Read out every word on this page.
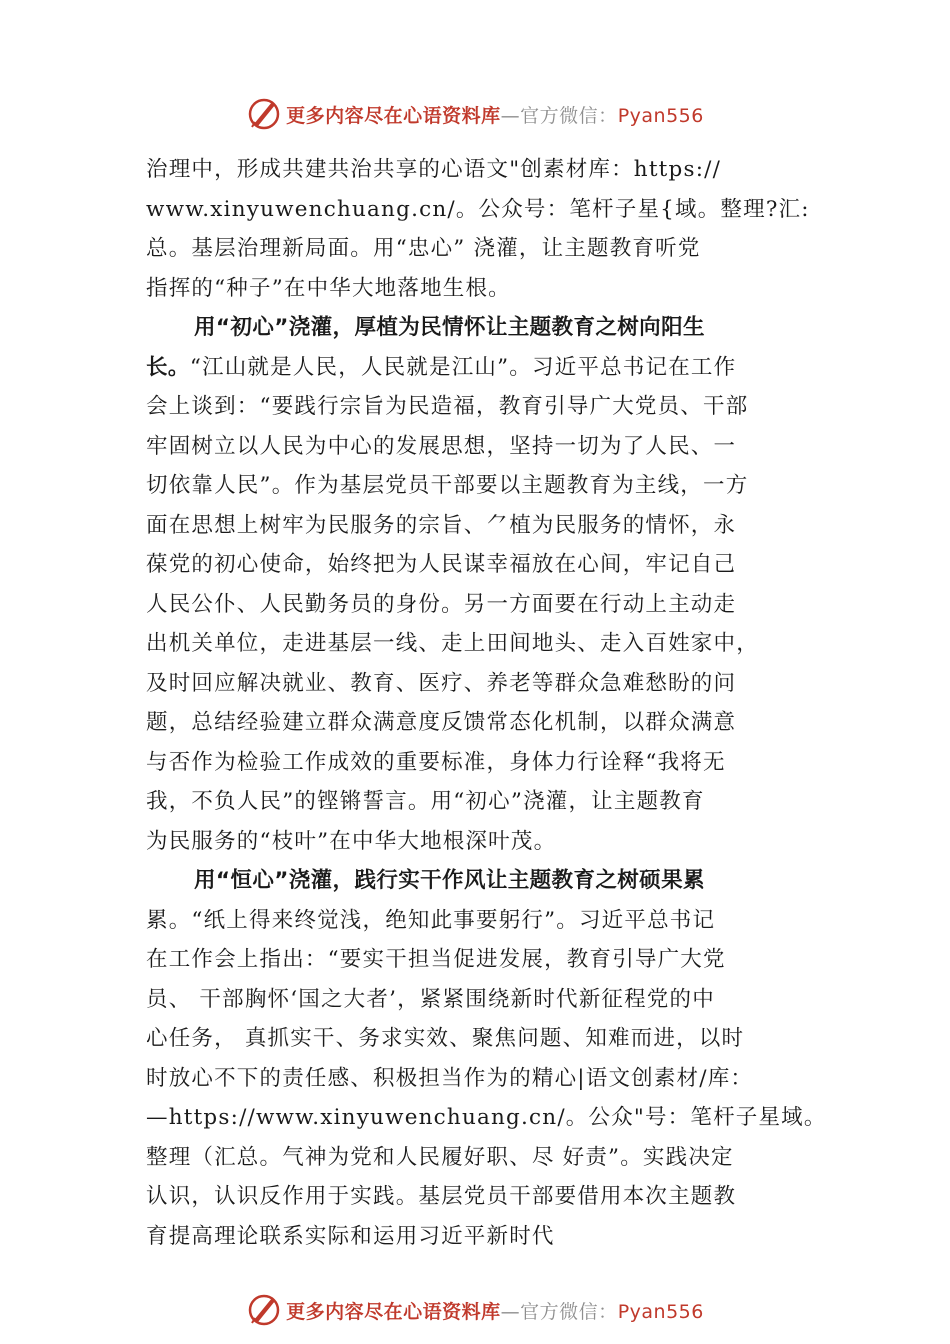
更多内容尽在心语资料库—官方微信：Pyan556
治理中，形成共建共治共享的心语文"创素材库：https://
www.xinyuwenchuang.cn/。公众号：笔杆子星{域。整理?汇:
总。基层治理新局面。用“忠心” 浇灌，让主题教育听党
指挥的“种子”在中华大地落地生根。
用“初心”浇灌，厚植为民情怀让主题教育之树向阳生
长。“江山就是人民，人民就是江山”。习近平总书记在工作
会上谈到：“要践行宗旨为民造福，教育引导广大党员、干部
牢固树立以人民为中心的发展思想，坚持一切为了人民、一
切依靠人民”。作为基层党员干部要以主题教育为主线，一方
面在思想上树牢为民服务的宗旨、⺈植为民服务的情怀，永
葆党的初心使命，始终把为人民谋幸福放在心间，牢记自己
人民公仆、人民勤务员的身份。另一方面要在行动上主动走
出机关单位，走进基层一线、走上田间地头、走入百姓家中，
及时回应解决就业、教育、医疗、养老等群众急难愁盼的问
题，总结经验建立群众满意度反馈常态化机制，以群众满意
与否作为检验工作成效的重要标准，身体力行诠释“我将无
我，不负人民”的铿锵誓言。用“初心”浇灌，让主题教育
为民服务的“枝叶”在中华大地根深叶茂。
用“恒心”浇灌，践行实干作风让主题教育之树硕果累
累。“纸上得来终觉浅，绝知此事要躬行”。习近平总书记
在工作会上指出：“要实干担当促进发展，教育引导广大党
员、 干部胸怀‘国之大者’，紧紧围绕新时代新征程党的中
心任务， 真抓实干、务求实效、聚焦问题、知难而进，以时
时放心不下的责任感、积极担当作为的精心|语文创素材/库：
—https://www.xinyuwenchuang.cn/。公众"号：笔杆子星域。
整理（汇总。气神为党和人民履好职、尽 好责”。实践决定
认识，认识反作用于实践。基层党员干部要借用本次主题教
育提高理论联系实际和运用习近平新时代
更多内容尽在心语资料库—官方微信：Pyan556
